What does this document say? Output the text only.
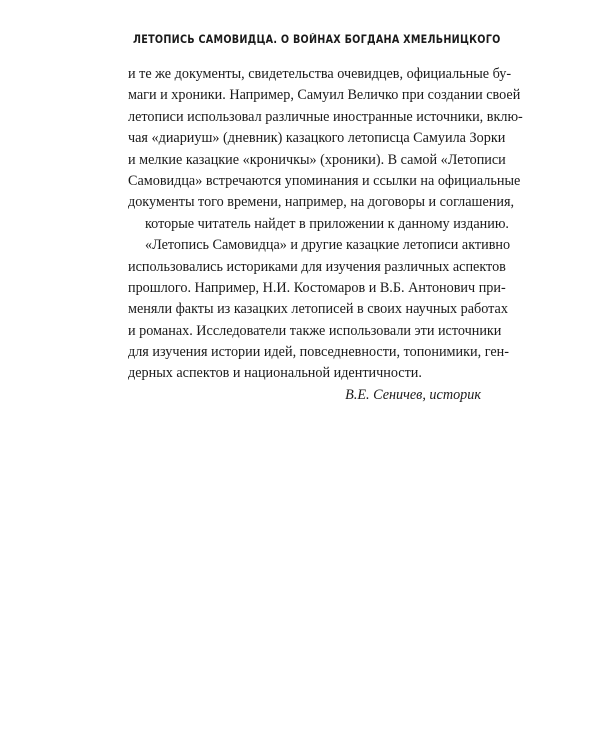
ЛЕТОПИСЬ САМОВИДЦА. О ВОЙНАХ БОГДАНА ХМЕЛЬНИЦКОГО
и те же документы, свидетельства очевидцев, официальные бу-
маги и хроники. Например, Самуил Величко при создании своей
летописи использовал различные иностранные источники, вклю-
чая «диариуш» (дневник) казацкого летописца Самуила Зорки
и мелкие казацкие «кроничкы» (хроники). В самой «Летописи
Самовидца» встречаются упоминания и ссылки на официальные
документы того времени, например, на договоры и соглашения,
которые читатель найдет в приложении к данному изданию.
«Летопись Самовидца» и другие казацкие летописи активно
использовались историками для изучения различных аспектов
прошлого. Например, Н.И. Костомаров и В.Б. Антонович при-
меняли факты из казацких летописей в своих научных работах
и романах. Исследователи также использовали эти источники
для изучения истории идей, повседневности, топонимики, ген-
дерных аспектов и национальной идентичности.
В.Е. Сеничев, историк
